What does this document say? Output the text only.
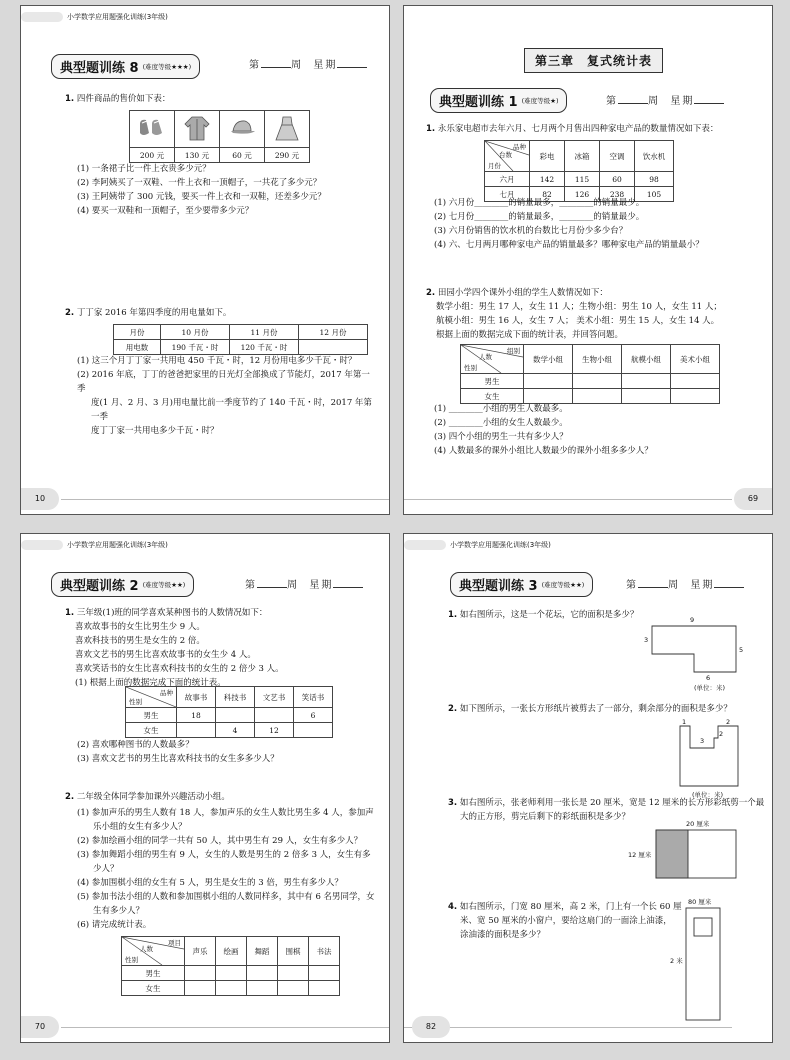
小学数学应用题强化训练(3年级)
典型题训练 8 (难度等级★★★)	第	周 星期

1. 四件商品的售价如下表：

200 元	130 元	60 元	290 元

(1) 一条裙子比一件上衣贵多少元？

(2) 李阿姨买了一双鞋、一件上衣和一顶帽子，一共花了多少元？

(3) 王阿姨带了 300 元钱，要买一件上衣和一双鞋，还差多少元？

(4) 要买一双鞋和一顶帽子，至少要带多少元？

2. 丁丁家 2016 年第四季度的用电量如下。

月份	10 月份	11 月份	12 月份
用电数	190 千瓦・时	120 千瓦・时	

(1) 这三个月丁丁家一共用电 450 千瓦・时，12 月份用电多少千瓦・时？

(2) 2016 年底，丁丁的爸爸把家里的日光灯全部换成了节能灯，2017 年第一季

度(1 月、2 月、3 月)用电量比前一季度节约了 140 千瓦・时，2017 年第一季

度丁丁家一共用电多少千瓦・时？

10
第三章　复式统计表
典型题训练 1 (难度等级★)	第	周 星期

1. 永乐家电超市去年六月、七月两个月售出四种家电产品的数量情况如下表：

品种
台数
月份	彩电	冰箱	空调	饮水机
六月	142	115	60	98
七月	82	126	238	105

(1) 六月份________的销量最多，________的销量最少。

(2) 七月份________的销量最多，________的销量最少。

(3) 六月份销售的饮水机的台数比七月份少多少台？

(4) 六、七月两月哪种家电产品的销量最多？哪种家电产品的销量最小？

2. 田园小学四个课外小组的学生人数情况如下：

数学小组：男生 17 人，女生 11 人；生物小组：男生 10 人，女生 11 人；

航模小组：男生 16 人，女生 7 人； 美术小组：男生 15 人，女生 14 人。

根据上面的数据完成下面的统计表，并回答问题。

组别
人数
性别	数学小组	生物小组	航模小组	美术小组
男生				
女生				

(1) ________小组的男生人数最多。

(2) ________小组的女生人数最少。

(3) 四个小组的男生一共有多少人？

(4) 人数最多的课外小组比人数最少的课外小组多多少人？

69
小学数学应用题强化训练(3年级)
典型题训练 2 (难度等级★★)	第	周 星期

1. 三年级(1)班的同学喜欢某种图书的人数情况如下：

喜欢故事书的女生比男生少 9 人。

喜欢科技书的男生是女生的 2 倍。

喜欢文艺书的男生比喜欢故事书的女生少 4 人。

喜欢笑话书的女生比喜欢科技书的女生的 2 倍少 3 人。

(1) 根据上面的数据完成下面的统计表。

品种
性别	故事书	科技书	文艺书	笑话书
男生	18			6
女生		4	12	

(2) 喜欢哪种图书的人数最多？

(3) 喜欢文艺书的男生比喜欢科技书的女生多多少人？

2. 二年级全体同学参加课外兴趣活动小组。

(1) 参加声乐的男生人数有 18 人，参加声乐的女生人数比男生多 4 人，参加声

乐小组的女生有多少人？

(2) 参加绘画小组的同学一共有 50 人，其中男生有 29 人，女生有多少人？

(3) 参加舞蹈小组的男生有 9 人，女生的人数是男生的 2 倍多 3 人，女生有多

少人？

(4) 参加围棋小组的女生有 5 人，男生是女生的 3 倍，男生有多少人？

(5) 参加书法小组的人数和参加围棋小组的人数同样多，其中有 6 名男同学，女

生有多少人？

(6) 请完成统计表。

项目
人数
性别	声乐	绘画	舞蹈	围棋	书法
男生					
女生					
70
小学数学应用题强化训练(3年级)
典型题训练 3 (难度等级★★)	第	周 星期

1. 如右图所示，这是一个花坛，它的面积是多少？	9
3
5
6
(单位：米)

2. 如下图所示，一张长方形纸片被剪去了一部分，剩余部分的面积是多少？

1	2
3
2
(单位：米)

3. 如右图所示，张老师利用一张长是 20 厘米，宽是 12 厘米的长方形彩纸剪一个最

大的正方形，剪完后剩下的彩纸面积是多少？

20 厘米
12 厘米

4. 如右图所示，门宽 80 厘米，高 2 米，门上有一个长 60 厘

米、宽 50 厘米的小窗户，要给这扇门的一面涂上油漆，

涂油漆的面积是多少？

80 厘米
2 米
82
